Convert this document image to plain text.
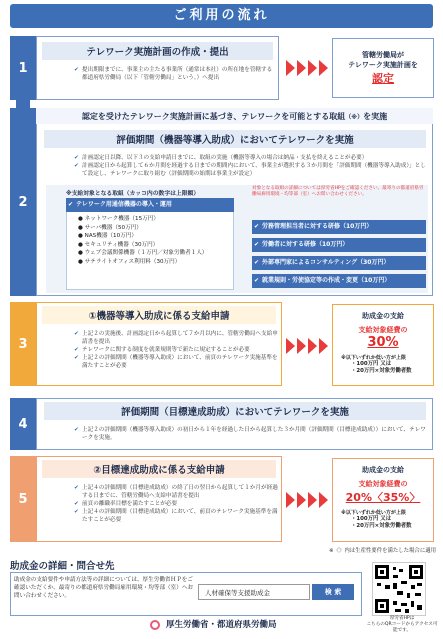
ご利用の流れ
1
テレワーク実施計画の作成・提出
✔ 提出期限までに、事業主の主たる事業所（通常は本社）の所在地を管轄する都道府県労働局（以下「管轄労働局」という。）へ提出
管轄労働局が
テレワーク実施計画を
認定
2
認定を受けたテレワーク実施計画に基づき、テレワークを可能とする取組 （※） を実施
評価期間（機器等導入助成）においてテレワークを実施
✔ 計画認定日以降、以下３の支給申請日までに、取組の実施（機器等導入の場合は納品・支払を終えることが必要）
✔ 計画認定日から起算して６か月間を経過する日までの期間内において、事業主が選択する３か月間を「評価期間（機器等導入助成）」として設定し、テレワークに取り組む（評価期間の始期は事業主が設定）
※支給対象となる取組（カッコ内の数字は上限額）
対象となる取組の詳細については厚労省HPをご確認ください。最寄りの都道府県労働局雇用環境・均等部（室）へお問い合わせください。
✔ テレワーク用通信機器の導入・運用
● ネットワーク機器（15万円）
● サーバ機器（50万円）
● NAS機器（10万円）
● セキュリティ機器（30万円）
● ウェブ会議関係機器（１万円／対象労働者１人）
● サテライトオフィス利用料（30万円）
✔ 労務管理担当者に対する研修（10万円）
✔ 労働者に対する研修（10万円）
✔ 外部専門家によるコンサルティング（30万円）
✔ 就業規則・労使協定等の作成・変更（10万円）
3
①機器等導入助成に係る支給申請
✔ 上記２の実施後、計画認定日から起算して７か月以内に、管轄労働局へ支給申請書を提出
✔ テレワークに関する制度を就業規則等で新たに規定することが必要
✔ 上記２の評価期間（機器等導入助成）において、前頁のテレワーク実施基準を満たすことが必要
助成金の支給
支給対象経費の
30%
※以下いずれか低い方が上限
・100万円 又は
・20万円×対象労働者数
4
評価期間（目標達成助成）においてテレワークを実施
✔ 上記２の評価期間（機器等導入助成）の初日から１年を経過した日から起算した３か月間（評価期間（目標達成助成））において、テレワークを実施。
5
②目標達成助成に係る支給申請
✔ 上記４の評価期間（目標達成助成）の終了日の翌日から起算して１か月が経過する日までに、管轄労働局へ支給申請書を提出
✔ 前頁の離職率目標を満たすことが必要
✔ 上記４の評価期間（目標達成助成）において、前頁のテレワーク実施基準を満たすことが必要
助成金の支給
支給対象経費の
20%〈35%〉
※以下いずれか低い方が上限
・100万円 又は
・20万円×対象労働者数
※〈〉内は生産性要件を満たした場合に適用
助成金の詳細・問合せ先
助成金の支給要件や申請方法等の詳細については、厚生労働省ＨＰをご確認いただくか、最寄りの都道府県労働局雇用環境・均等部（室）へお問い合わせください。	人材確保等支援助成金	検 索
厚労省HPは
こちらのQRコードからアクセス可能です。
厚生労働省・都道府県労働局
